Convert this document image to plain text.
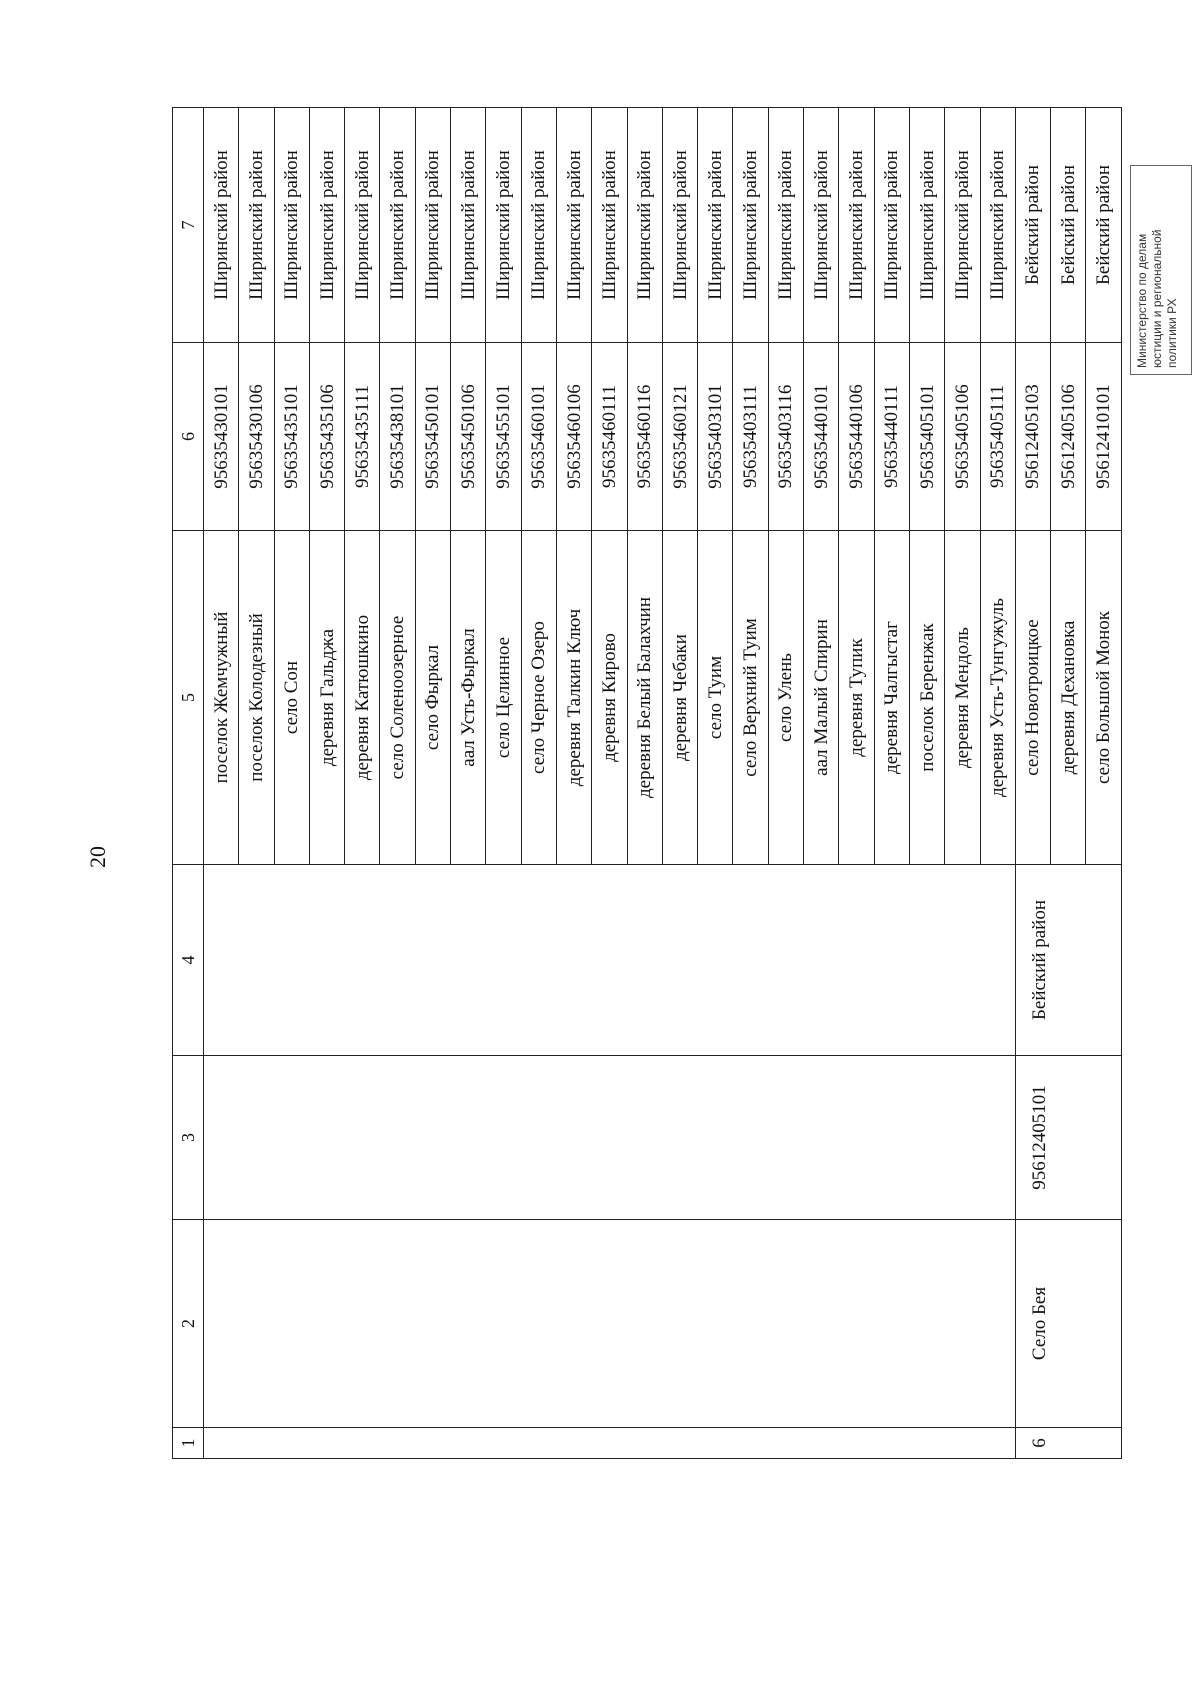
20
1	2	3	4	5	6	7
				поселок Жемчужный	95635430101	Ширинский район
				поселок Колодезный	95635430106	Ширинский район
				село Сон	95635435101	Ширинский район
				деревня Гальджа	95635435106	Ширинский район
				деревня Катюшкино	95635435111	Ширинский район
				село Соленоозерное	95635438101	Ширинский район
				село Фыркал	95635450101	Ширинский район
				аал Усть-Фыркал	95635450106	Ширинский район
				село Целинное	95635455101	Ширинский район
				село Черное Озеро	95635460101	Ширинский район
				деревня Талкин Ключ	95635460106	Ширинский район
				деревня Кирово	95635460111	Ширинский район
				деревня Белый Балахчин	95635460116	Ширинский район
				деревня Чебаки	95635460121	Ширинский район
				село Туим	95635403101	Ширинский район
				село Верхний Туим	95635403111	Ширинский район
				село Улень	95635403116	Ширинский район
				аал Малый Спирин	95635440101	Ширинский район
				деревня Тупик	95635440106	Ширинский район
				деревня Чалгыстаг	95635440111	Ширинский район
				поселок Беренжак	95635405101	Ширинский район
				деревня Мендоль	95635405106	Ширинский район
				деревня Усть-Тунгужуль	95635405111	Ширинский район
6	Село Бея	95612405101	Бейский район	село Новотроицкое	95612405103	Бейский район
				деревня Дехановка	95612405106	Бейский район
				село Большой Монок	95612410101	Бейский район
Министерство по делам юстиции и региональной политики РХ
